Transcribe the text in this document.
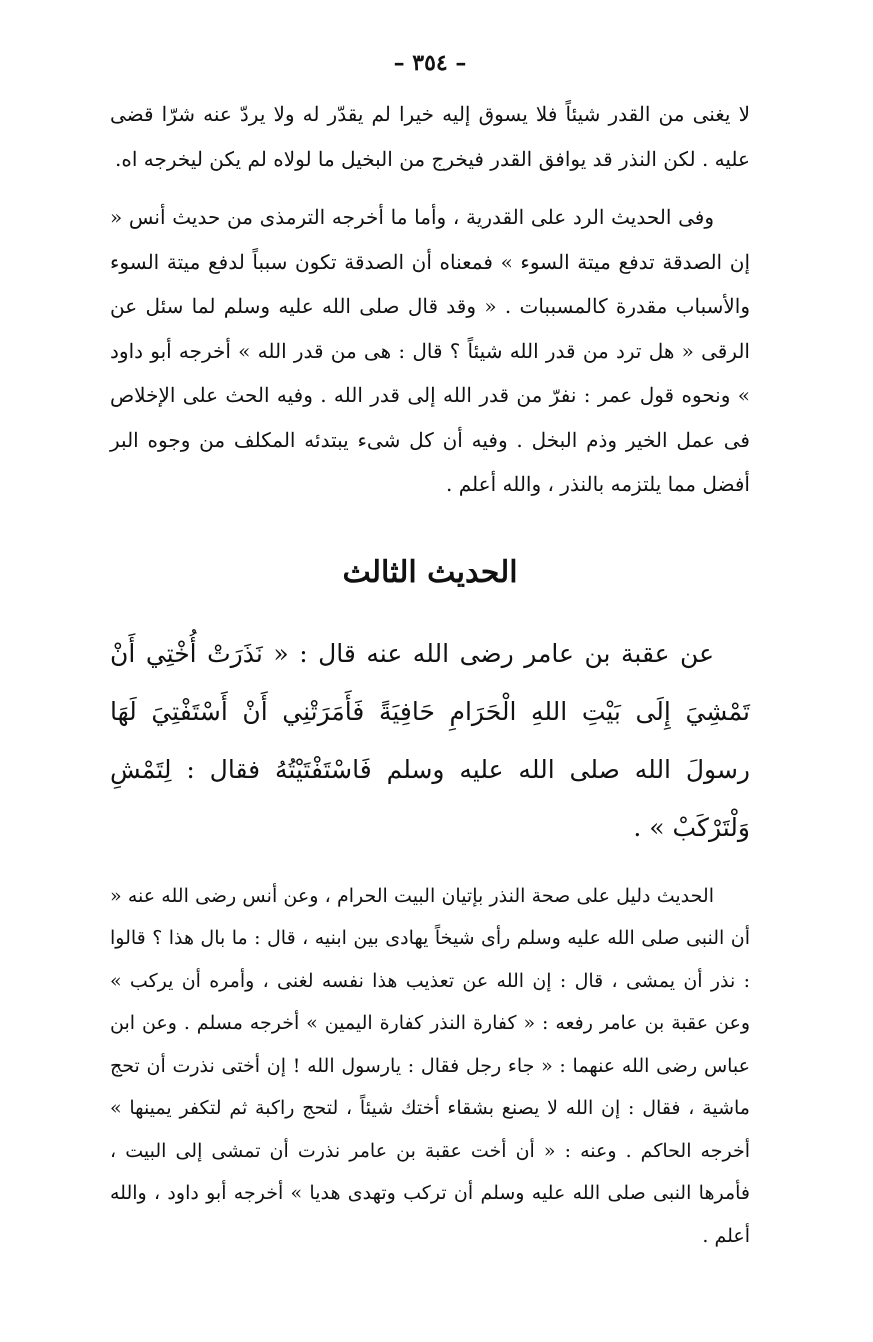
– ٣٥٤ –

لا يغنى من القدر شيئاً فلا يسوق إليه خيرا لم يقدّر له ولا يردّ عنه شرّا قضى عليه . لكن النذر قد يوافق القدر فيخرج من البخيل ما لولاه لم يكن ليخرجه اه.

وفى الحديث الرد على القدرية ، وأما ما أخرجه الترمذى من حديث أنس « إن الصدقة تدفع ميتة السوء » فمعناه أن الصدقة تكون سبباً لدفع ميتة السوء والأسباب مقدرة كالمسببات . « وقد قال صلى الله عليه وسلم لما سئل عن الرقى « هل ترد من قدر الله شيئاً ؟ قال : هى من قدر الله » أخرجه أبو داود » ونحوه قول عمر : نفرّ من قدر الله إلى قدر الله . وفيه الحث على الإخلاص فى عمل الخير وذم البخل . وفيه أن كل شىء يبتدئه المكلف من وجوه البر أفضل مما يلتزمه بالنذر ، والله أعلم .

الحديث الثالث

عن عقبة بن عامر رضى الله عنه قال : « نَذَرَتْ أُخْتِي أَنْ تَمْشِيَ إِلَى بَيْتِ اللهِ الْحَرَامِ حَافِيَةً فَأَمَرَتْنِي أَنْ أَسْتَفْتِيَ لَهَا رسولَ الله صلى الله عليه وسلم فَاسْتَفْتَيْتُهُ فقال : لِتَمْشِ وَلْتَرْكَبْ » .

الحديث دليل على صحة النذر بإتيان البيت الحرام ، وعن أنس رضى الله عنه « أن النبى صلى الله عليه وسلم رأى شيخاً يهادى بين ابنيه ، قال : ما بال هذا ؟ قالوا : نذر أن يمشى ، قال : إن الله عن تعذيب هذا نفسه لغنى ، وأمره أن يركب » وعن عقبة بن عامر رفعه : « كفارة النذر كفارة اليمين » أخرجه مسلم . وعن ابن عباس رضى الله عنهما : « جاء رجل فقال : يارسول الله ! إن أختى نذرت أن تحج ماشية ، فقال : إن الله لا يصنع بشقاء أختك شيئاً ، لتحج راكبة ثم لتكفر يمينها » أخرجه الحاكم . وعنه : « أن أخت عقبة بن عامر نذرت أن تمشى إلى البيت ، فأمرها النبى صلى الله عليه وسلم أن تركب وتهدى هديا » أخرجه أبو داود ، والله أعلم .
